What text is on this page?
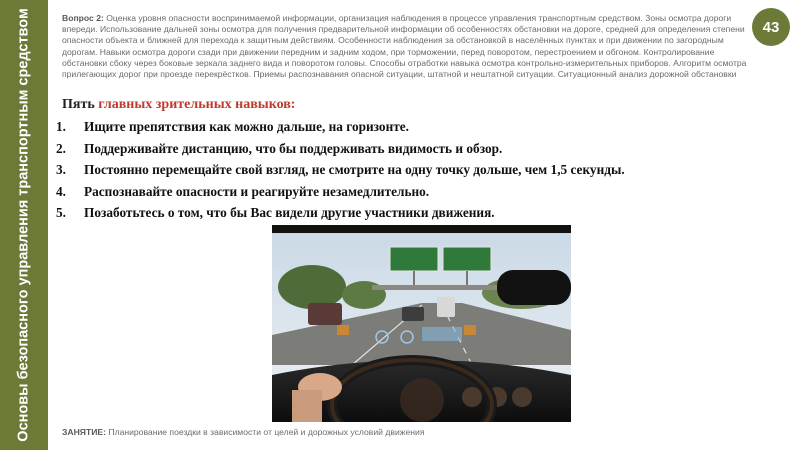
Основы безопасного управления транспортным средством	Вопрос 2: Оценка уровня опасности воспринимаемой информации, организация наблюдения в процессе управления транспортным средством. Зоны осмотра дороги впереди. Использование дальней зоны осмотра для получения предварительной информации об особенностях обстановки на дороге, средней для определения степени опасности объекта и ближней для перехода к защитным действиям. Особенности наблюдения за обстановкой в населённых пунктах и при движении по загородным дорогам. Навыки осмотра дороги сзади при движении передним и задним ходом, при торможении, перед поворотом, перестроением и обгоном. Контролирование обстановки сбоку через боковые зеркала заднего вида и поворотом головы. Способы отработки навыка осмотра контрольно-измерительных приборов. Алгоритм осмотра прилегающих дорог при проезде перекрёстков. Приемы распознавания опасной ситуации, штатной и нештатной ситуации. Ситуационный анализ дорожной обстановки
43
Пять главных зрительных навыков:
1.	Ищите препятствия как можно дальше, на горизонте.
2.	Поддерживайте дистанцию, что бы поддерживать видимость и обзор.
3.	Постоянно перемещайте свой взгляд, не смотрите на одну точку дольше, чем 1,5 секунды.
4.	Распознавайте опасности и реагируйте незамедлительно.
5.	Позаботьтесь о том, что бы Вас видели другие участники движения.
ЗАНЯТИЕ: Планирование поездки в зависимости от целей и дорожных условий движения
